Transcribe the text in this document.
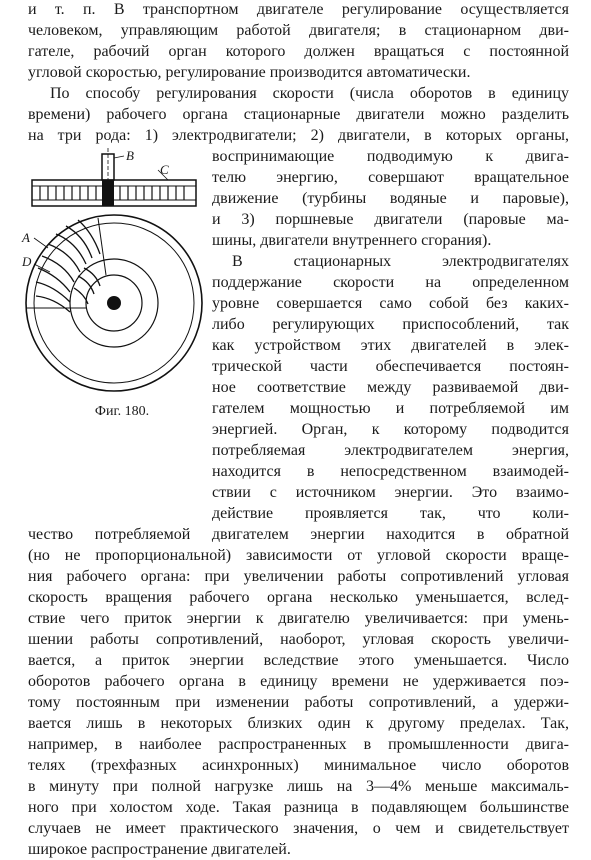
и т. п. В транспортном двигателе регулирование осуществляется
человеком, управляющим работой двигателя; в стационарном дви-
гателе, рабочий орган которого должен вращаться с постоянной
угловой скоростью, регулирование производится автоматически.
По способу регулирования скорости (числа оборотов в единицу
времени) рабочего органа стационарные двигатели можно разделить
на три рода: 1) электродвигатели; 2) двигатели, в которых органы,
воспринимающие подводимую к двига-
телю энергию, совершают вращательное
движение (турбины водяные и паровые),
и 3) поршневые двигатели (паровые ма-
шины, двигатели внутреннего сгорания).
В стационарных электродвигателях
поддержание скорости на определенном
уровне совершается само собой без каких-
либо регулирующих приспособлений, так
как устройством этих двигателей в элек-
трической части обеспечивается постоян-
ное соответствие между развиваемой дви-
гателем мощностью и потребляемой им
энергией. Орган, к которому подводится
потребляемая электродвигателем энергия,
находится в непосредственном взаимодей-
ствии с источником энергии. Это взаимо-
действие проявляется так, что коли-
чество потребляемой двигателем энергии находится в обратной
(но не пропорциональной) зависимости от угловой скорости враще-
ния рабочего органа: при увеличении работы сопротивлений угловая
скорость вращения рабочего органа несколько уменьшается, вслед-
ствие чего приток энергии к двигателю увеличивается: при умень-
шении работы сопротивлений, наоборот, угловая скорость увеличи-
вается, а приток энергии вследствие этого уменьшается. Число
оборотов рабочего органа в единицу времени не удерживается поэ-
тому постоянным при изменении работы сопротивлений, а удержи-
вается лишь в некоторых близких один к другому пределах. Так,
например, в наиболее распространенных в промышленности двига-
телях (трехфазных асинхронных) минимальное число оборотов
в минуту при полной нагрузке лишь на 3—4% меньше максималь-
ного при холостом ходе. Такая разница в подавляющем большинстве
случаев не имеет практического значения, о чем и свидетельствует
широкое распространение двигателей.
B
C
A
D
Фиг. 180.
